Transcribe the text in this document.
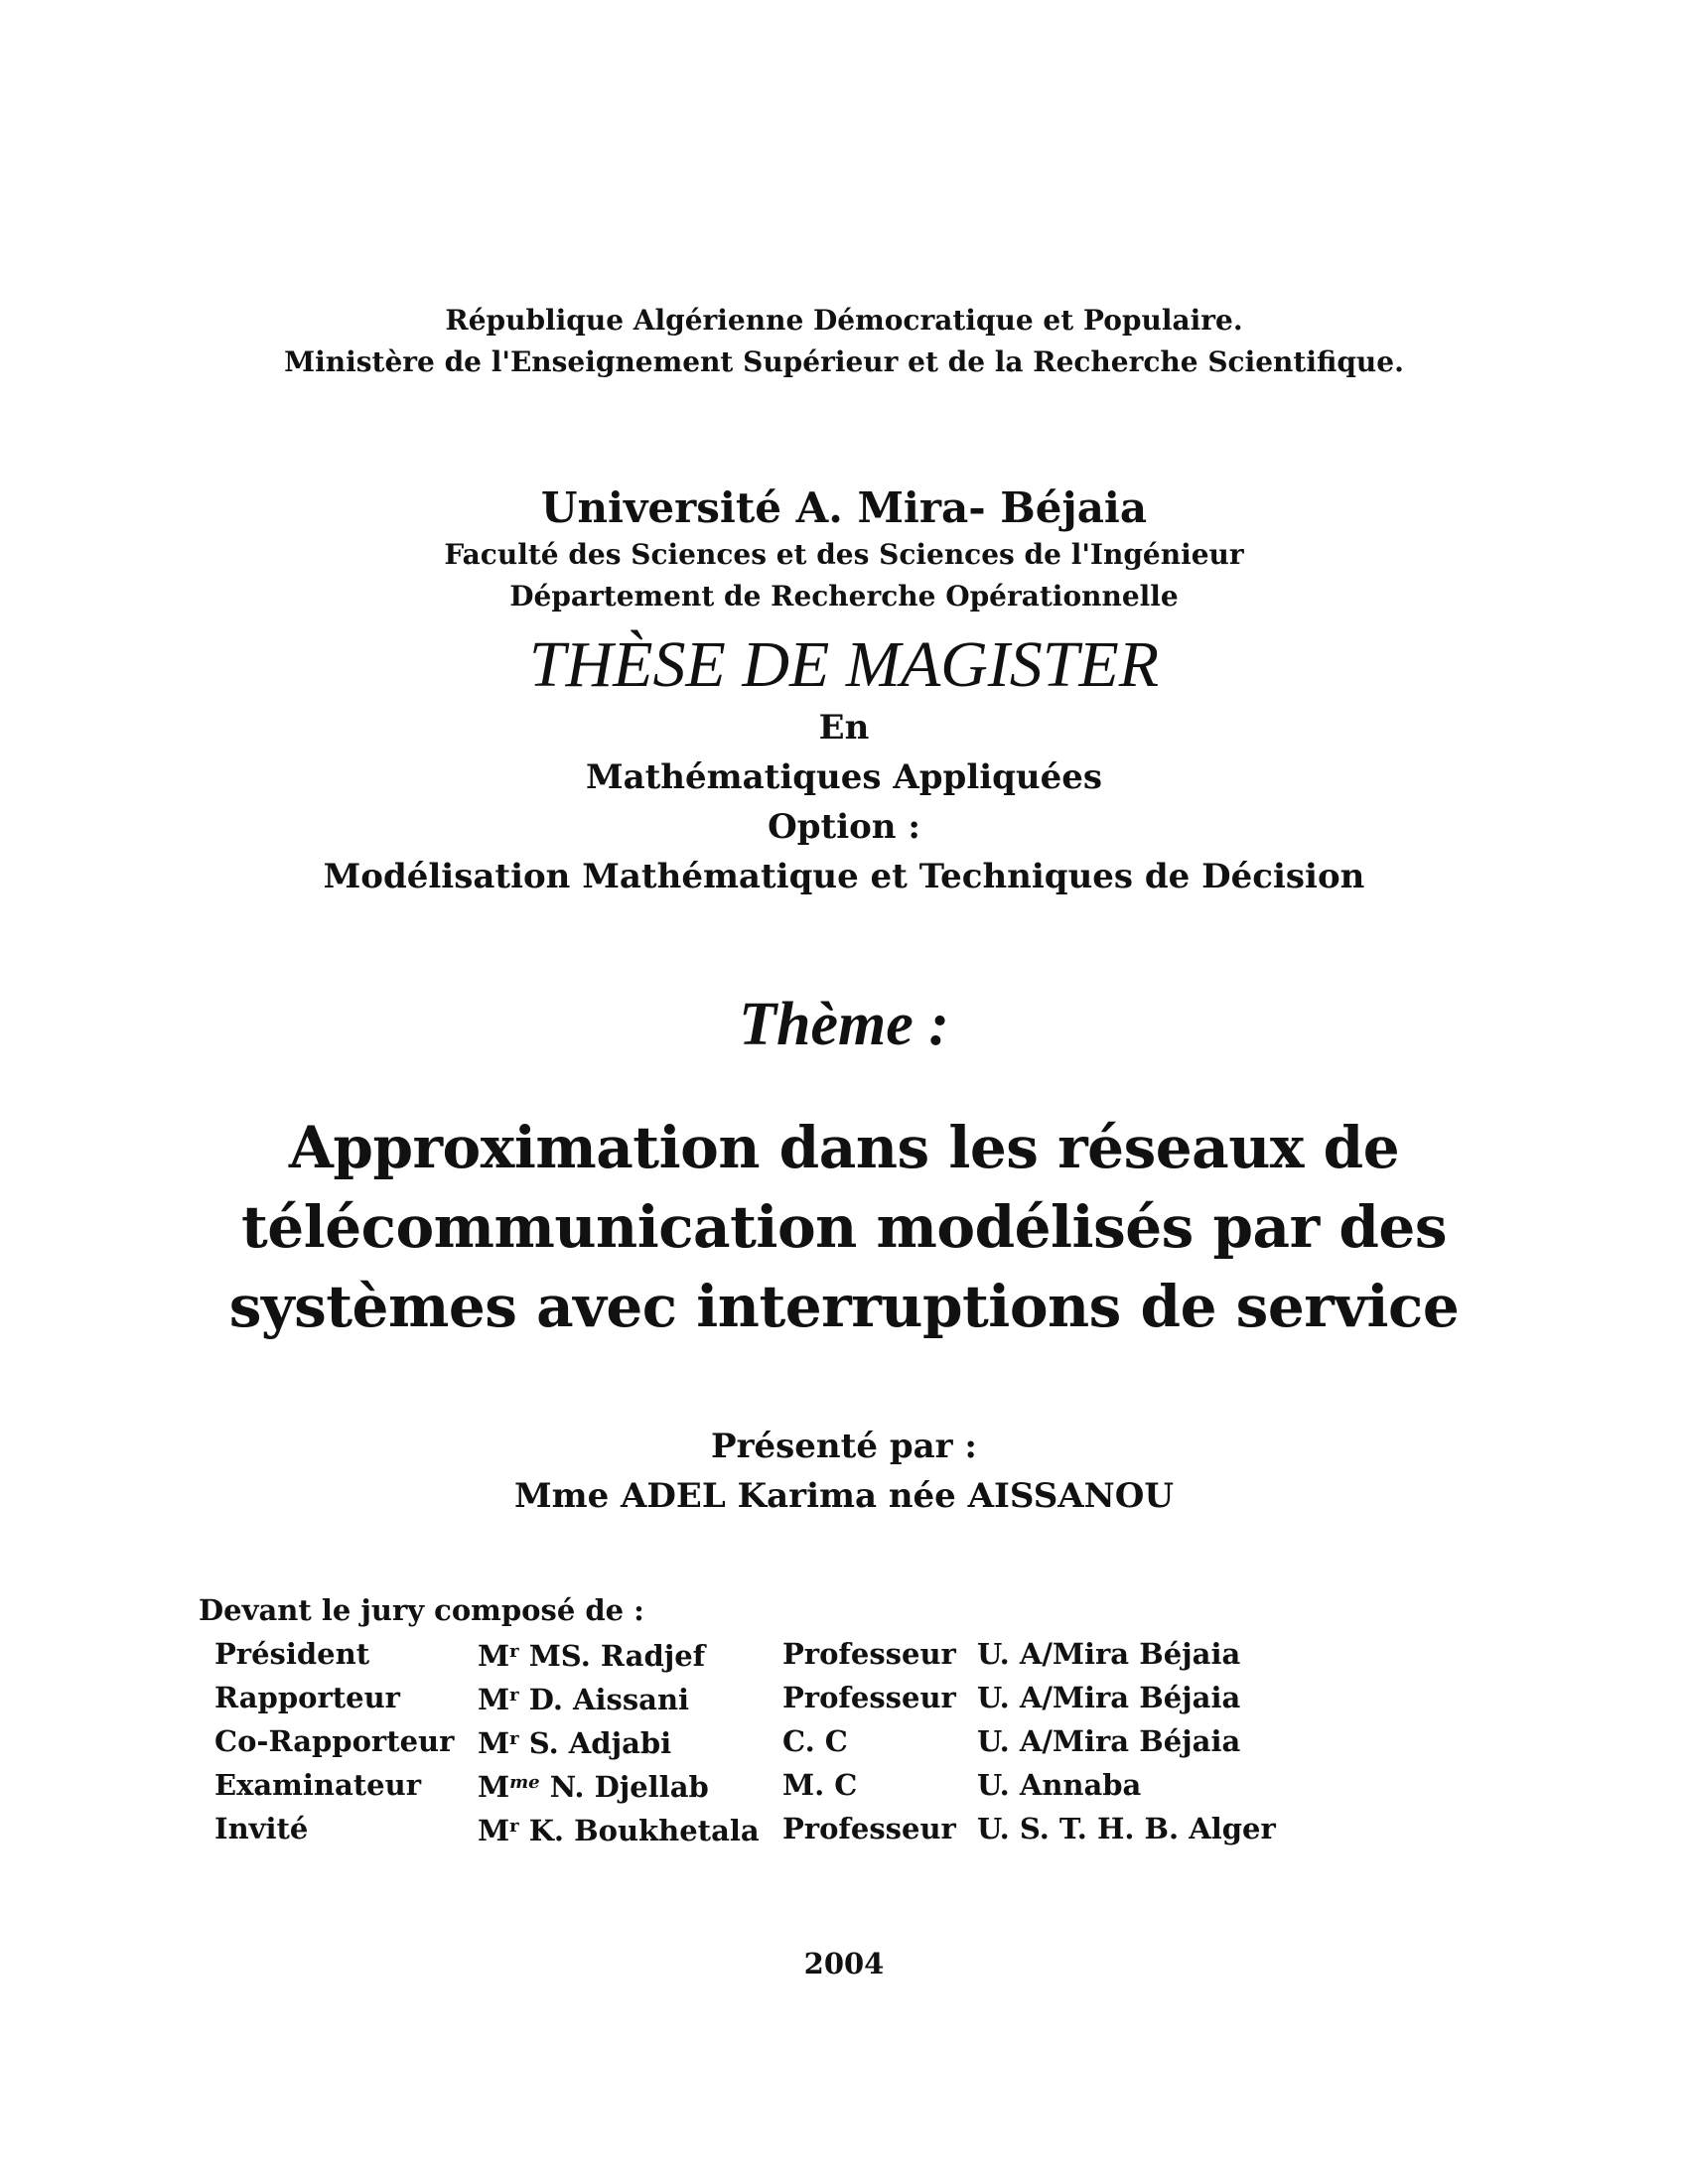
République Algérienne Démocratique et Populaire.
Ministère de l'Enseignement Supérieur et de la Recherche Scientifique.
Université A. Mira- Béjaia
Faculté des Sciences et des Sciences de l'Ingénieur
Département de Recherche Opérationnelle
THÈSE DE MAGISTER
En
Mathématiques Appliquées
Option :
Modélisation Mathématique et Techniques de Décision
Thème :
Approximation dans les réseaux de
télécommunication modélisés par des
systèmes avec interruptions de service
Présenté par :
Mme ADEL Karima née AISSANOU
Devant le jury composé de :
Président	$M^r$ MS. Radjef	Professeur	U. A/Mira Béjaia
Rapporteur	$M^r$ D. Aissani	Professeur	U. A/Mira Béjaia
Co-Rapporteur	$M^r$ S. Adjabi	C. C	U. A/Mira Béjaia
Examinateur	$M^{me}$ N. Djellab	M. C	U. Annaba
Invité	$M^r$ K. Boukhetala	Professeur	U. S. T. H. B. Alger
2004
